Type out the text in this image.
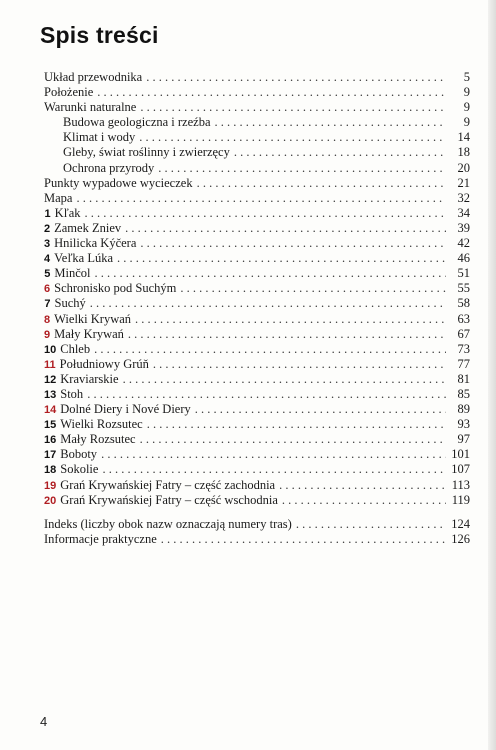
Spis treści
Układ przewodnika . . .	5
Położenie . . .	9
Warunki naturalne . . .	9
Budowa geologiczna i rzeźba . . .	9
Klimat i wody . . .	14
Gleby, świat roślinny i zwierzęcy . . .	18
Ochrona przyrody . . .	20
Punkty wypadowe wycieczek . . .	21
Mapa . . .	32
1 Kľak . . .	34
2 Zamek Zniev . . .	39
3 Hnilicka Kýčera . . .	42
4 Veľka Lúka . . .	46
5 Minčol . . .	51
6 Schronisko pod Suchým . . .	55
7 Suchý . . .	58
8 Wielki Krywań . . .	63
9 Mały Krywań . . .	67
10 Chleb . . .	73
11 Południowy Grúň . . .	77
12 Kraviarskie . . .	81
13 Stoh . . .	85
14 Dolné Diery i Nové Diery . . .	89
15 Wielki Rozsutec . . .	93
16 Mały Rozsutec . . .	97
17 Boboty . . .	101
18 Sokolie . . .	107
19 Grań Krywańskiej Fatry – część zachodnia . . .	113
20 Grań Krywańskiej Fatry – część wschodnia . . .	119
Indeks (liczby obok nazw oznaczają numery tras) . . .	124
Informacje praktyczne . . .	126
4
